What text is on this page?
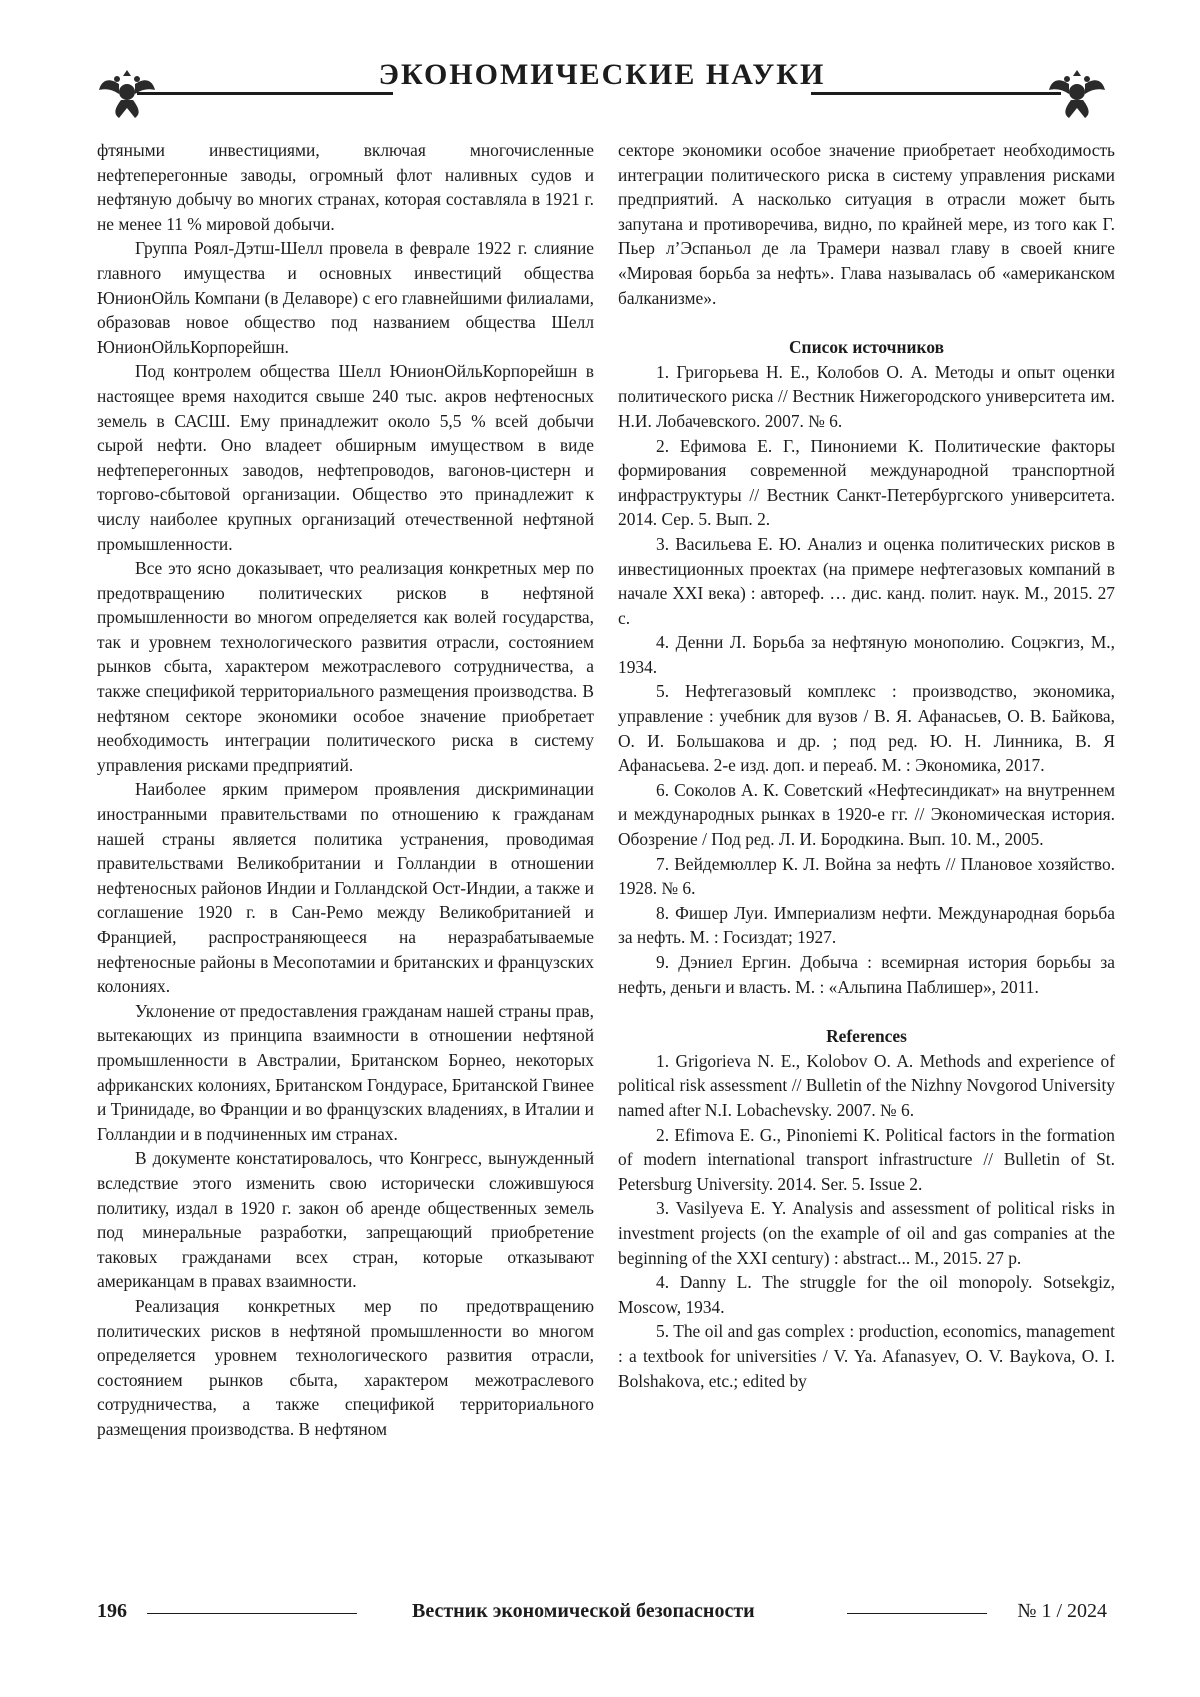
ЭКОНОМИЧЕСКИЕ НАУКИ

фтяными инвестициями, включая многочисленные нефтеперегонные заводы, огромный флот наливных судов и нефтяную добычу во многих странах, которая составляла в 1921 г. не менее 11 % мировой добычи.

Группа Роял-Дэтш-Шелл провела в феврале 1922 г. слияние главного имущества и основных инвестиций общества ЮнионОйль Компани (в Делаворе) с его главнейшими филиалами, образовав новое общество под названием общества Шелл ЮнионОйльКорпорейшн.

Под контролем общества Шелл ЮнионОйльКорпорейшн в настоящее время находится свыше 240 тыс. акров нефтеносных земель в САСШ. Ему принадлежит около 5,5 % всей добычи сырой нефти. Оно владеет обширным имуществом в виде нефтеперегонных заводов, нефтепроводов, вагонов-цистерн и торгово-сбытовой организации. Общество это принадлежит к числу наиболее крупных организаций отечественной нефтяной промышленности.

Все это ясно доказывает, что реализация конкретных мер по предотвращению политических рисков в нефтяной промышленности во многом определяется как волей государства, так и уровнем технологического развития отрасли, состоянием рынков сбыта, характером межотраслевого сотрудничества, а также спецификой территориального размещения производства. В нефтяном секторе экономики особое значение приобретает необходимость интеграции политического риска в систему управления рисками предприятий.

Наиболее ярким примером проявления дискриминации иностранными правительствами по отношению к гражданам нашей страны является политика устранения, проводимая правительствами Великобритании и Голландии в отношении нефтеносных районов Индии и Голландской Ост-Индии, а также и соглашение 1920 г. в Сан-Ремо между Великобританией и Францией, распространяющееся на неразрабатываемые нефтеносные районы в Месопотамии и британских и французских колониях.

Уклонение от предоставления гражданам нашей страны прав, вытекающих из принципа взаимности в отношении нефтяной промышленности в Австралии, Британском Борнео, некоторых африканских колониях, Британском Гондурасе, Британской Гвинее и Тринидаде, во Франции и во французских владениях, в Италии и Голландии и в подчиненных им странах.

В документе констатировалось, что Конгресс, вынужденный вследствие этого изменить свою исторически сложившуюся политику, издал в 1920 г. закон об аренде общественных земель под минеральные разработки, запрещающий приобретение таковых гражданами всех стран, которые отказывают американцам в правах взаимности.

Реализация конкретных мер по предотвращению политических рисков в нефтяной промышленности во многом определяется уровнем технологического развития отрасли, состоянием рынков сбыта, характером межотраслевого сотрудничества, а также спецификой территориального размещения производства. В нефтяном

секторе экономики особое значение приобретает необходимость интеграции политического риска в систему управления рисками предприятий. А насколько ситуация в отрасли может быть запутана и противоречива, видно, по крайней мере, из того как Г. Пьер л’Эспаньол де ла Трамери назвал главу в своей книге «Мировая борьба за нефть». Глава называлась об «американском балканизме».

Список источников

1. Григорьева Н. Е., Колобов О. А. Методы и опыт оценки политического риска // Вестник Нижегородского университета им. Н.И. Лобачевского. 2007. № 6.

2. Ефимова Е. Г., Пинониеми К. Политические факторы формирования современной международной транспортной инфраструктуры // Вестник Санкт-Петербургского университета. 2014. Сер. 5. Вып. 2.

3. Васильева Е. Ю. Анализ и оценка политических рисков в инвестиционных проектах (на примере нефтегазовых компаний в начале XXI века) : автореф. … дис. канд. полит. наук. М., 2015. 27 с.

4. Денни Л. Борьба за нефтяную монополию. Соцэкгиз, М., 1934.

5. Нефтегазовый комплекс : производство, экономика, управление : учебник для вузов / В. Я. Афанасьев, О. В. Байкова, О. И. Большакова и др. ; под ред. Ю. Н. Линника, В. Я Афанасьева. 2-е изд. доп. и переаб. М. : Экономика, 2017.

6. Соколов А. К. Советский «Нефтесиндикат» на внутреннем и международных рынках в 1920-е гг. // Экономическая история. Обозрение / Под ред. Л. И. Бородкина. Вып. 10. М., 2005.

7. Вейдемюллер К. Л. Война за нефть // Плановое хозяйство. 1928. № 6.

8. Фишер Луи. Империализм нефти. Международная борьба за нефть. М. : Госиздат; 1927.

9. Дэниел Ергин. Добыча : всемирная история борьбы за нефть, деньги и власть. М. : «Альпина Паблишер», 2011.

References

1. Grigorieva N. E., Kolobov O. A. Methods and experience of political risk assessment // Bulletin of the Nizhny Novgorod University named after N.I. Lobachevsky. 2007. № 6.

2. Efimova E. G., Pinoniemi K. Political factors in the formation of modern international transport infrastructure // Bulletin of St. Petersburg University. 2014. Ser. 5. Issue 2.

3. Vasilyeva E. Y. Analysis and assessment of political risks in investment projects (on the example of oil and gas companies at the beginning of the XXI century) : abstract... M., 2015. 27 p.

4. Danny L. The struggle for the oil monopoly. Sotsekgiz, Moscow, 1934.

5. The oil and gas complex : production, economics, management : a textbook for universities / V. Ya. Afanasyev, O. V. Baykova, O. I. Bolshakova, etc.; edited by

196	Вестник экономической безопасности	№ 1 / 2024
